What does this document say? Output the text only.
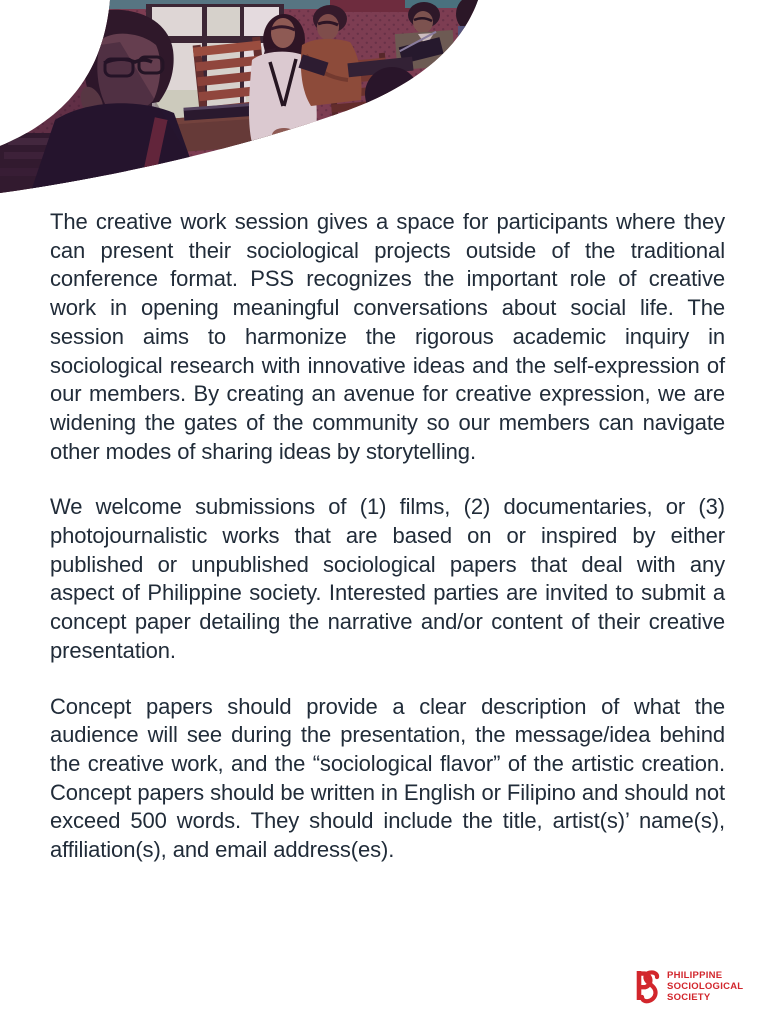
The creative work session gives a space for participants where they can present their sociological projects outside of the traditional conference format. PSS recognizes the important role of creative work in opening meaningful conversations about social life. The session aims to harmonize the rigorous academic inquiry in sociological research with innovative ideas and the self-expression of our members. By creating an avenue for creative expression, we are widening the gates of the community so our members can navigate other modes of sharing ideas by storytelling.

We welcome submissions of (1) films, (2) documentaries, or (3) photojournalistic works that are based on or inspired by either published or unpublished sociological papers that deal with any aspect of Philippine society. Interested parties are invited to submit a concept paper detailing the narrative and/or content of their creative presentation.

Concept papers should provide a clear description of what the audience will see during the presentation, the message/idea behind the creative work, and the “sociological flavor” of the artistic creation. Concept papers should be written in English or Filipino and should not exceed 500 words. They should include the title, artist(s)’ name(s), affiliation(s), and email address(es).

PHILIPPINE
SOCIOLOGICAL
SOCIETY
